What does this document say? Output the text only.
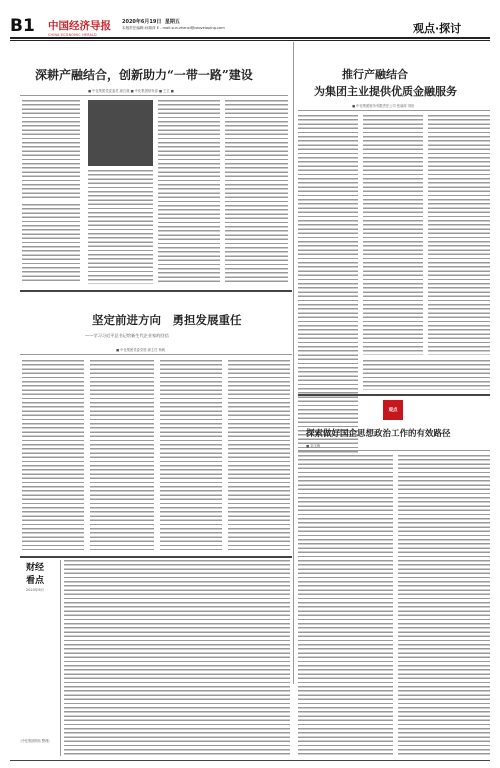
B1 中国经济导报
CHINA ECONOMIC HERALD
2020年6月19日 星期五
本版责任编辑:孙瑞萍 E - mail:sun.zhenzi@ceoveloping.com	观点·探讨
深耕产融结合，创新助力“一带一路”建设
■ 中化集团党委委员 副总裁 ■ 中化集团财务部 ■ 王卫 ■
推行产融结合
为集团主业提供优质金融服务
■ 中化集团财务有限责任公司 张丽萍 刘世
坚定前进方向　勇担发展重任
——学习习近平总书记给新生代企业家的回信
■ 中化集团党委党校 副主任 杨帆
财经
看点
2020年6月
(中化集团网站 整理)
观点
探索做好国企思想政治工作的有效路径
■ 刘玉梅
